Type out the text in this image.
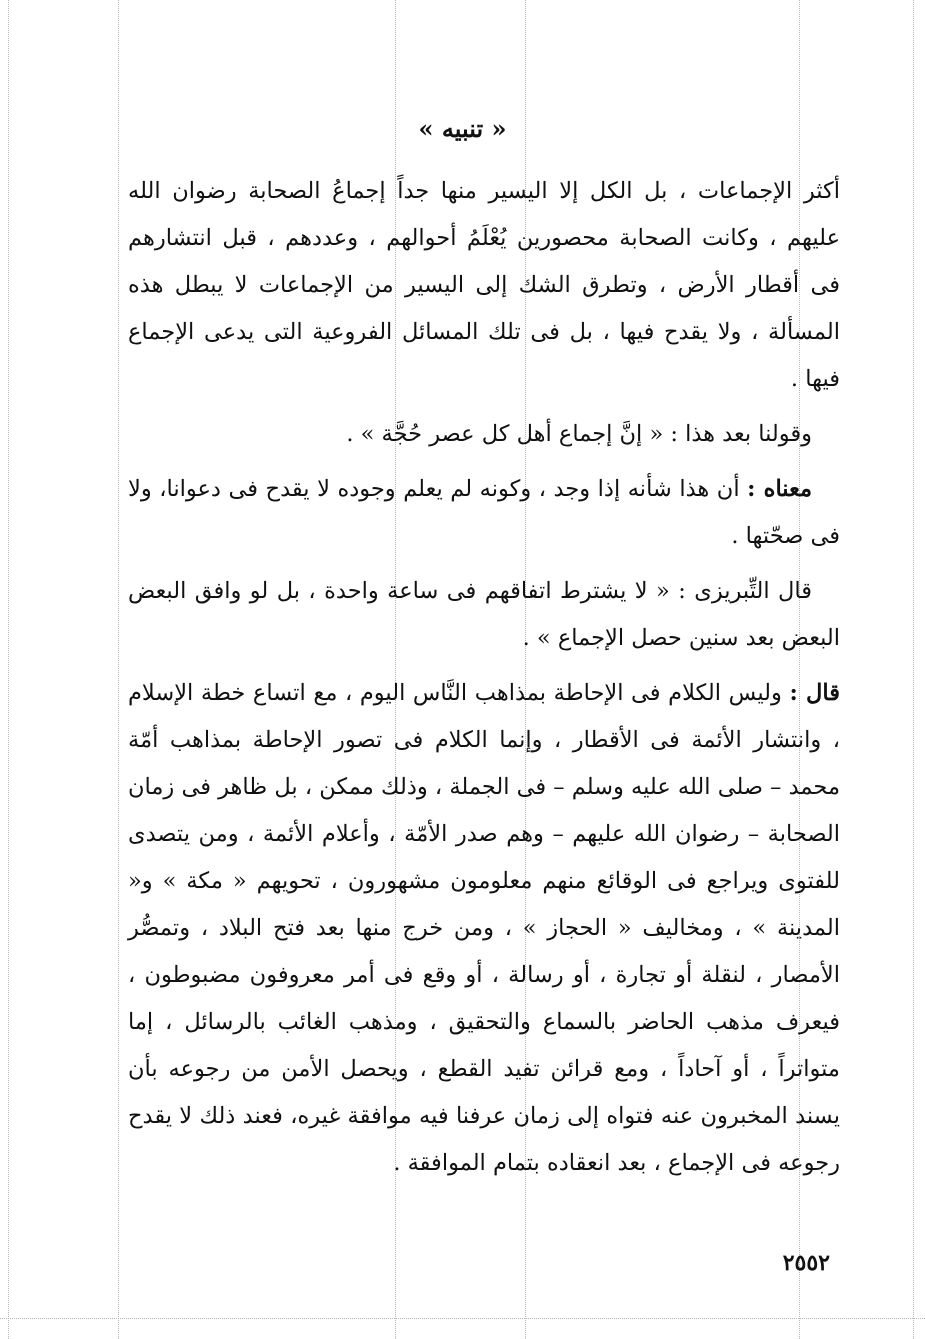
« تنبيه »

أكثر الإجماعات ، بل الكل إلا اليسير منها جداً إجماعُ الصحابة رضوان الله عليهم ، وكانت الصحابة محصورين يُعْلَمُ أحوالهم ، وعددهم ، قبل انتشارهم فى أقطار الأرض ، وتطرق الشك إلى اليسير من الإجماعات لا يبطل هذه المسألة ، ولا يقدح فيها ، بل فى تلك المسائل الفروعية التى يدعى الإجماع فيها .

وقولنا بعد هذا : « إنَّ إجماع أهل كل عصر حُجَّة » .

معناه : أن هذا شأنه إذا وجد ، وكونه لم يعلم وجوده لا يقدح فى دعوانا، ولا فى صحّتها .

قال التِّبريزى : « لا يشترط اتفاقهم فى ساعة واحدة ، بل لو وافق البعض البعض بعد سنين حصل الإجماع » .

قال : وليس الكلام فى الإحاطة بمذاهب النَّاس اليوم ، مع اتساع خطة الإسلام ، وانتشار الأئمة فى الأقطار ، وإنما الكلام فى تصور الإحاطة بمذاهب أمّة محمد – صلى الله عليه وسلم – فى الجملة ، وذلك ممكن ، بل ظاهر فى زمان الصحابة – رضوان الله عليهم – وهم صدر الأمّة ، وأعلام الأئمة ، ومن يتصدى للفتوى ويراجع فى الوقائع منهم معلومون مشهورون ، تحويهم « مكة » و« المدينة » ، ومخاليف « الحجاز » ، ومن خرج منها بعد فتح البلاد ، وتمصُّر الأمصار ، لنقلة أو تجارة ، أو رسالة ، أو وقع فى أمر معروفون مضبوطون ، فيعرف مذهب الحاضر بالسماع والتحقيق ، ومذهب الغائب بالرسائل ، إما متواتراً ، أو آحاداً ، ومع قرائن تفيد القطع ، ويحصل الأمن من رجوعه بأن يسند المخبرون عنه فتواه إلى زمان عرفنا فيه موافقة غيره، فعند ذلك لا يقدح رجوعه فى الإجماع ، بعد انعقاده بتمام الموافقة .

٢٥٥٢
